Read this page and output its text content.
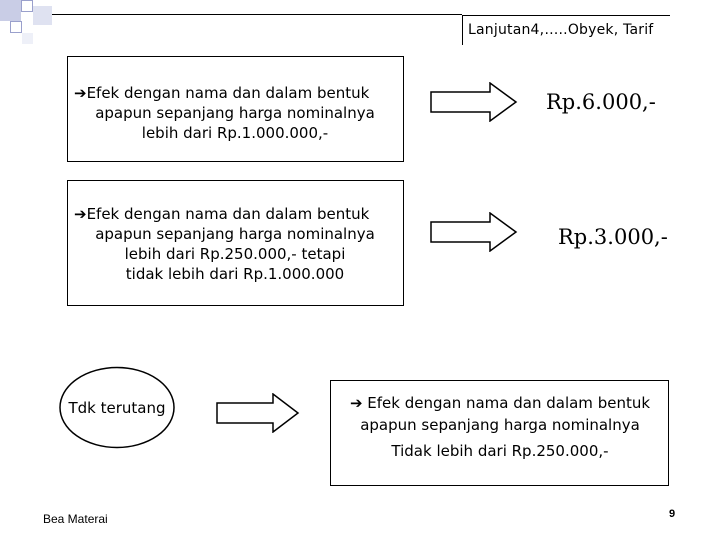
Lanjutan4,…..Obyek, Tarif
➔Efek dengan nama dan dalam bentuk
apapun sepanjang harga nominalnya
lebih dari Rp.1.000.000,-
Rp.6.000,-
➔Efek dengan nama dan dalam bentuk
apapun sepanjang harga nominalnya
lebih dari Rp.250.000,- tetapi
tidak lebih dari Rp.1.000.000
Rp.3.000,-
Tdk terutang	➔ Efek dengan nama dan dalam bentuk
apapun sepanjang harga nominalnya
Tidak lebih dari Rp.250.000,-
Bea Materai	9
